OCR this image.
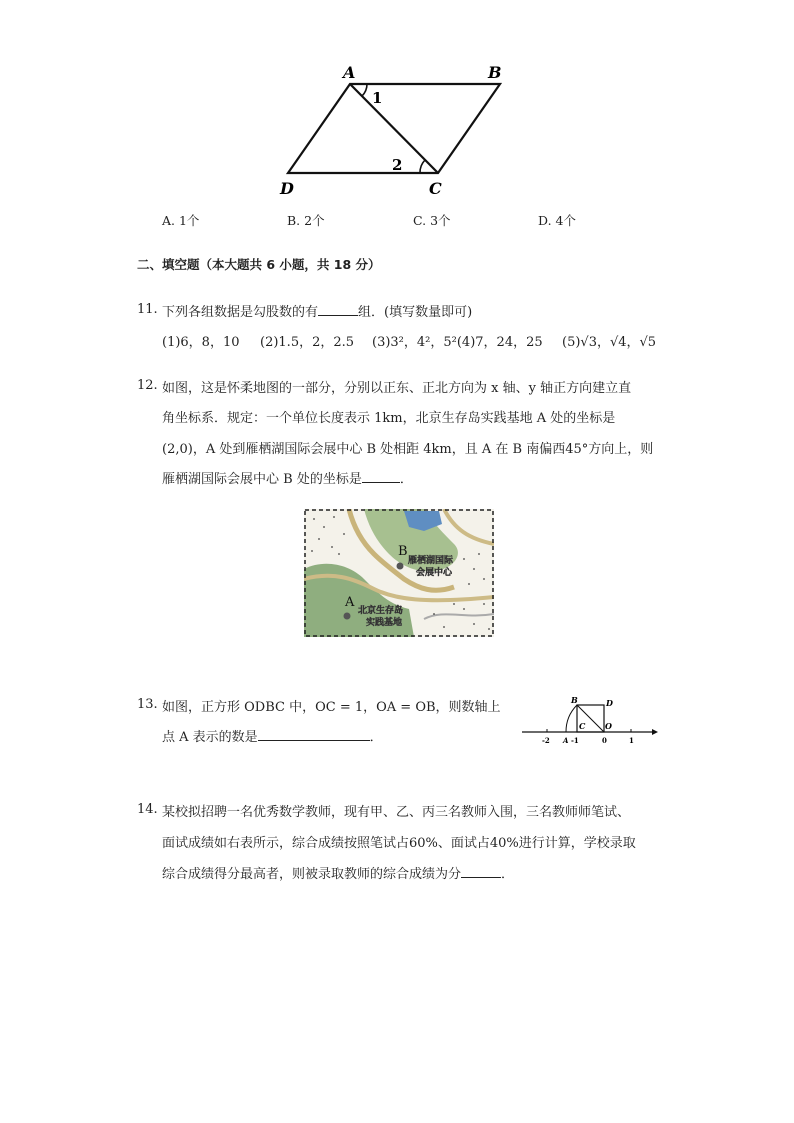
A	B
C
D
1
2
A. 1个	B. 2个	C. 3个	D. 4个
二、填空题（本大题共 6 小题，共 18 分）
11. 下列各组数据是勾股数的有	组．(填写数量即可)
(1)6，8，10 (2)1.5，2，2.5 (3)3²，4²，5²(4)7，24，25 (5)√3，√4，√5
12. 如图，这是怀柔地图的一部分，分别以正东、正北方向为 x 轴、y 轴正方向建立直
角坐标系．规定：一个单位长度表示 1km，北京生存岛实践基地 A 处的坐标是
(2,0)，A 处到雁栖湖国际会展中心 B 处相距 4km，且 A 在 B 南偏西45°方向上，则
雁栖湖国际会展中心 B 处的坐标是	．
B
雁栖湖国际
会展中心
A
北京生存岛
实践基地
13. 如图，正方形 ODBC 中，OC = 1，OA = OB，则数轴上
点 A 表示的数是	．
B	D
C O
A
-2	-1	0	1
14. 某校拟招聘一名优秀数学教师，现有甲、乙、丙三名教师入围，三名教师师笔试、
面试成绩如右表所示，综合成绩按照笔试占60%、面试占40%进行计算，学校录取
综合成绩得分最高者，则被录取教师的综合成绩为分	．
